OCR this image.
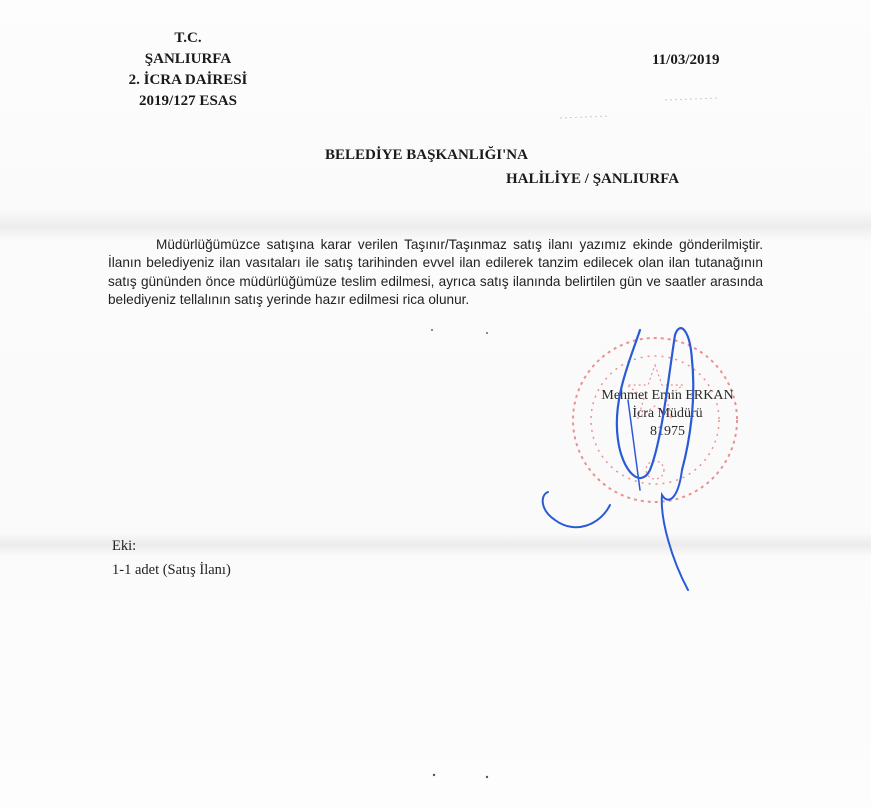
T.C.
ŞANLIURFA
2. İCRA DAİRESİ
2019/127 ESAS
11/03/2019
BELEDİYE BAŞKANLIĞI'NA
HALİLİYE / ŞANLIURFA
Müdürlüğümüzce satışına karar verilen Taşınır/Taşınmaz satış ilanı yazımız ekinde gönderilmiştir. İlanın belediyeniz ilan vasıtaları ile satış tarihinden evvel ilan edilerek tanzim edilecek olan ilan tutanağının satış gününden önce müdürlüğümüze teslim edilmesi, ayrıca satış ilanında belirtilen gün ve saatler arasında belediyeniz tellalının satış yerinde hazır edilmesi rica olunur.
Mehmet Emin ERKAN
İcra Müdürü
81975
Eki:
1-1 adet (Satış İlanı)
